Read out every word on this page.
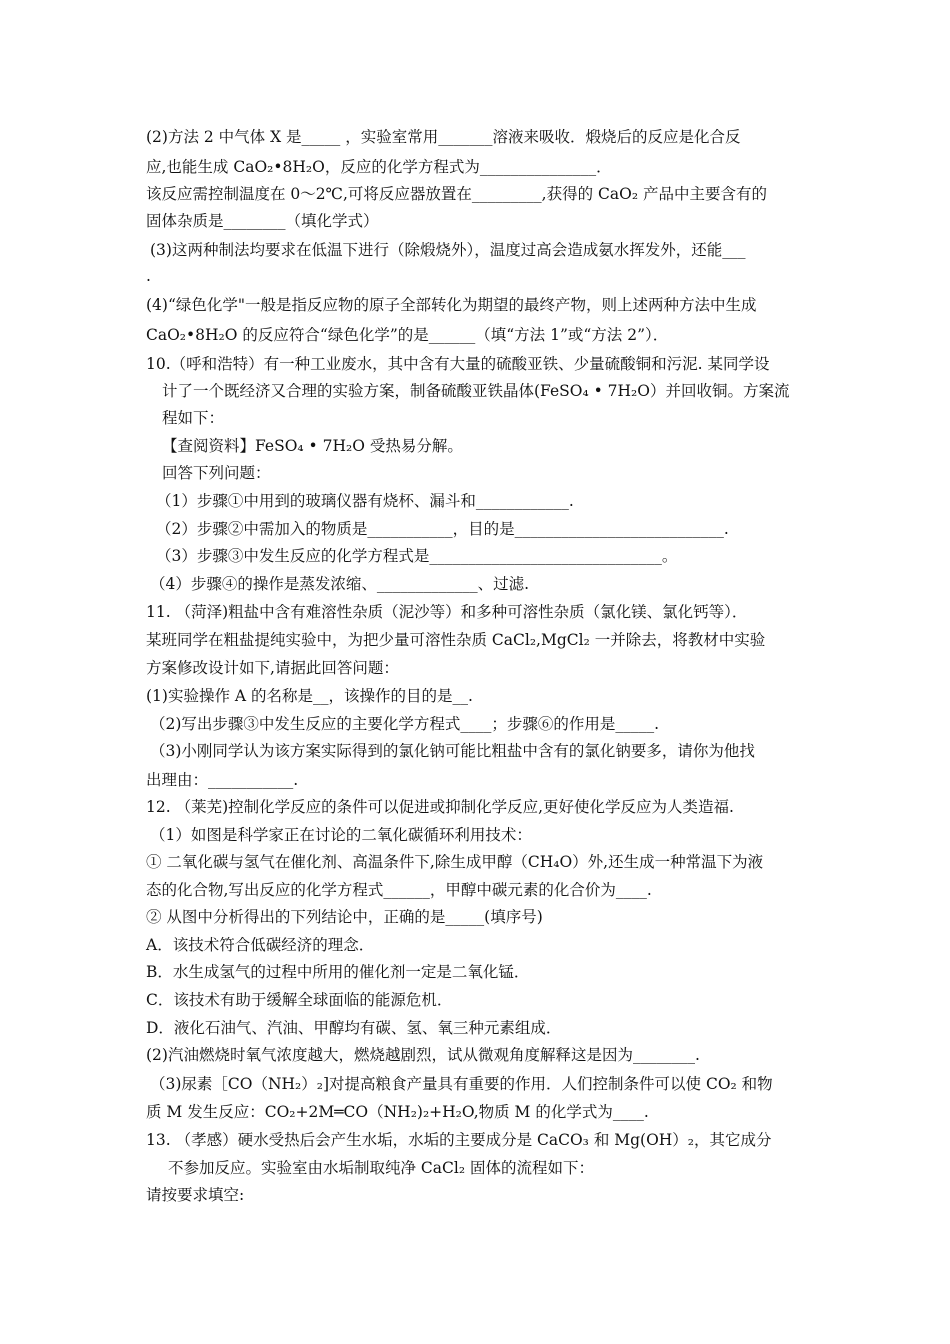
(2)方法 2 中气体 X 是_____ ，实验室常用_______溶液来吸收．煅烧后的反应是化合反
应,也能生成 CaO₂•8H₂O，反应的化学方程式为_______________．
该反应需控制温度在 0～2℃,可将反应器放置在_________,获得的 CaO₂ 产品中主要含有的
固体杂质是________（填化学式）
(3)这两种制法均要求在低温下进行（除煅烧外），温度过高会造成氨水挥发外，还能___
.
(4)“绿色化学"一般是指反应物的原子全部转化为期望的最终产物，则上述两种方法中生成
CaO₂•8H₂O 的反应符合“绿色化学”的是______（填“方法 1”或“方法 2”）．
10.（呼和浩特）有一种工业废水，其中含有大量的硫酸亚铁、少量硫酸铜和污泥. 某同学设
计了一个既经济又合理的实验方案，制备硫酸亚铁晶体(FeSO₄ • 7H₂O）并回收铜。方案流
程如下：
【查阅资料】FeSO₄ • 7H₂O 受热易分解。
回答下列问题：
（1）步骤①中用到的玻璃仪器有烧杯、漏斗和____________.
（2）步骤②中需加入的物质是___________，目的是___________________________.
（3）步骤③中发生反应的化学方程式是______________________________。
（4）步骤④的操作是蒸发浓缩、_____________、过滤.
11. （菏泽)粗盐中含有难溶性杂质（泥沙等）和多种可溶性杂质（氯化镁、氯化钙等）．
某班同学在粗盐提纯实验中，为把少量可溶性杂质 CaCl₂,MgCl₂ 一并除去，将教材中实验
方案修改设计如下,请据此回答问题：
(1)实验操作 A 的名称是__，该操作的目的是__.
（2)写出步骤③中发生反应的主要化学方程式____；步骤⑥的作用是_____.
（3)小刚同学认为该方案实际得到的氯化钠可能比粗盐中含有的氯化钠要多，请你为他找
出理由：___________.
12. （莱芜)控制化学反应的条件可以促进或抑制化学反应,更好使化学反应为人类造福.
（1）如图是科学家正在讨论的二氧化碳循环利用技术：
① 二氧化碳与氢气在催化剂、高温条件下,除生成甲醇（CH₄O）外,还生成一种常温下为液
态的化合物,写出反应的化学方程式______，甲醇中碳元素的化合价为____.
② 从图中分析得出的下列结论中，正确的是_____(填序号)
A．该技术符合低碳经济的理念．
B．水生成氢气的过程中所用的催化剂一定是二氧化锰．
C．该技术有助于缓解全球面临的能源危机．
D．液化石油气、汽油、甲醇均有碳、氢、氧三种元素组成．
(2)汽油燃烧时氧气浓度越大，燃烧越剧烈，试从微观角度解释这是因为________.
（3)尿素［CO（NH₂）₂]对提高粮食产量具有重要的作用．人们控制条件可以使 CO₂ 和物
质 M 发生反应：CO₂+2M═CO（NH₂)₂+H₂O,物质 M 的化学式为____.
13. （孝感）硬水受热后会产生水垢，水垢的主要成分是 CaCO₃ 和 Mg(OH）₂，其它成分
不参加反应。实验室由水垢制取纯净 CaCl₂ 固体的流程如下：
请按要求填空:
